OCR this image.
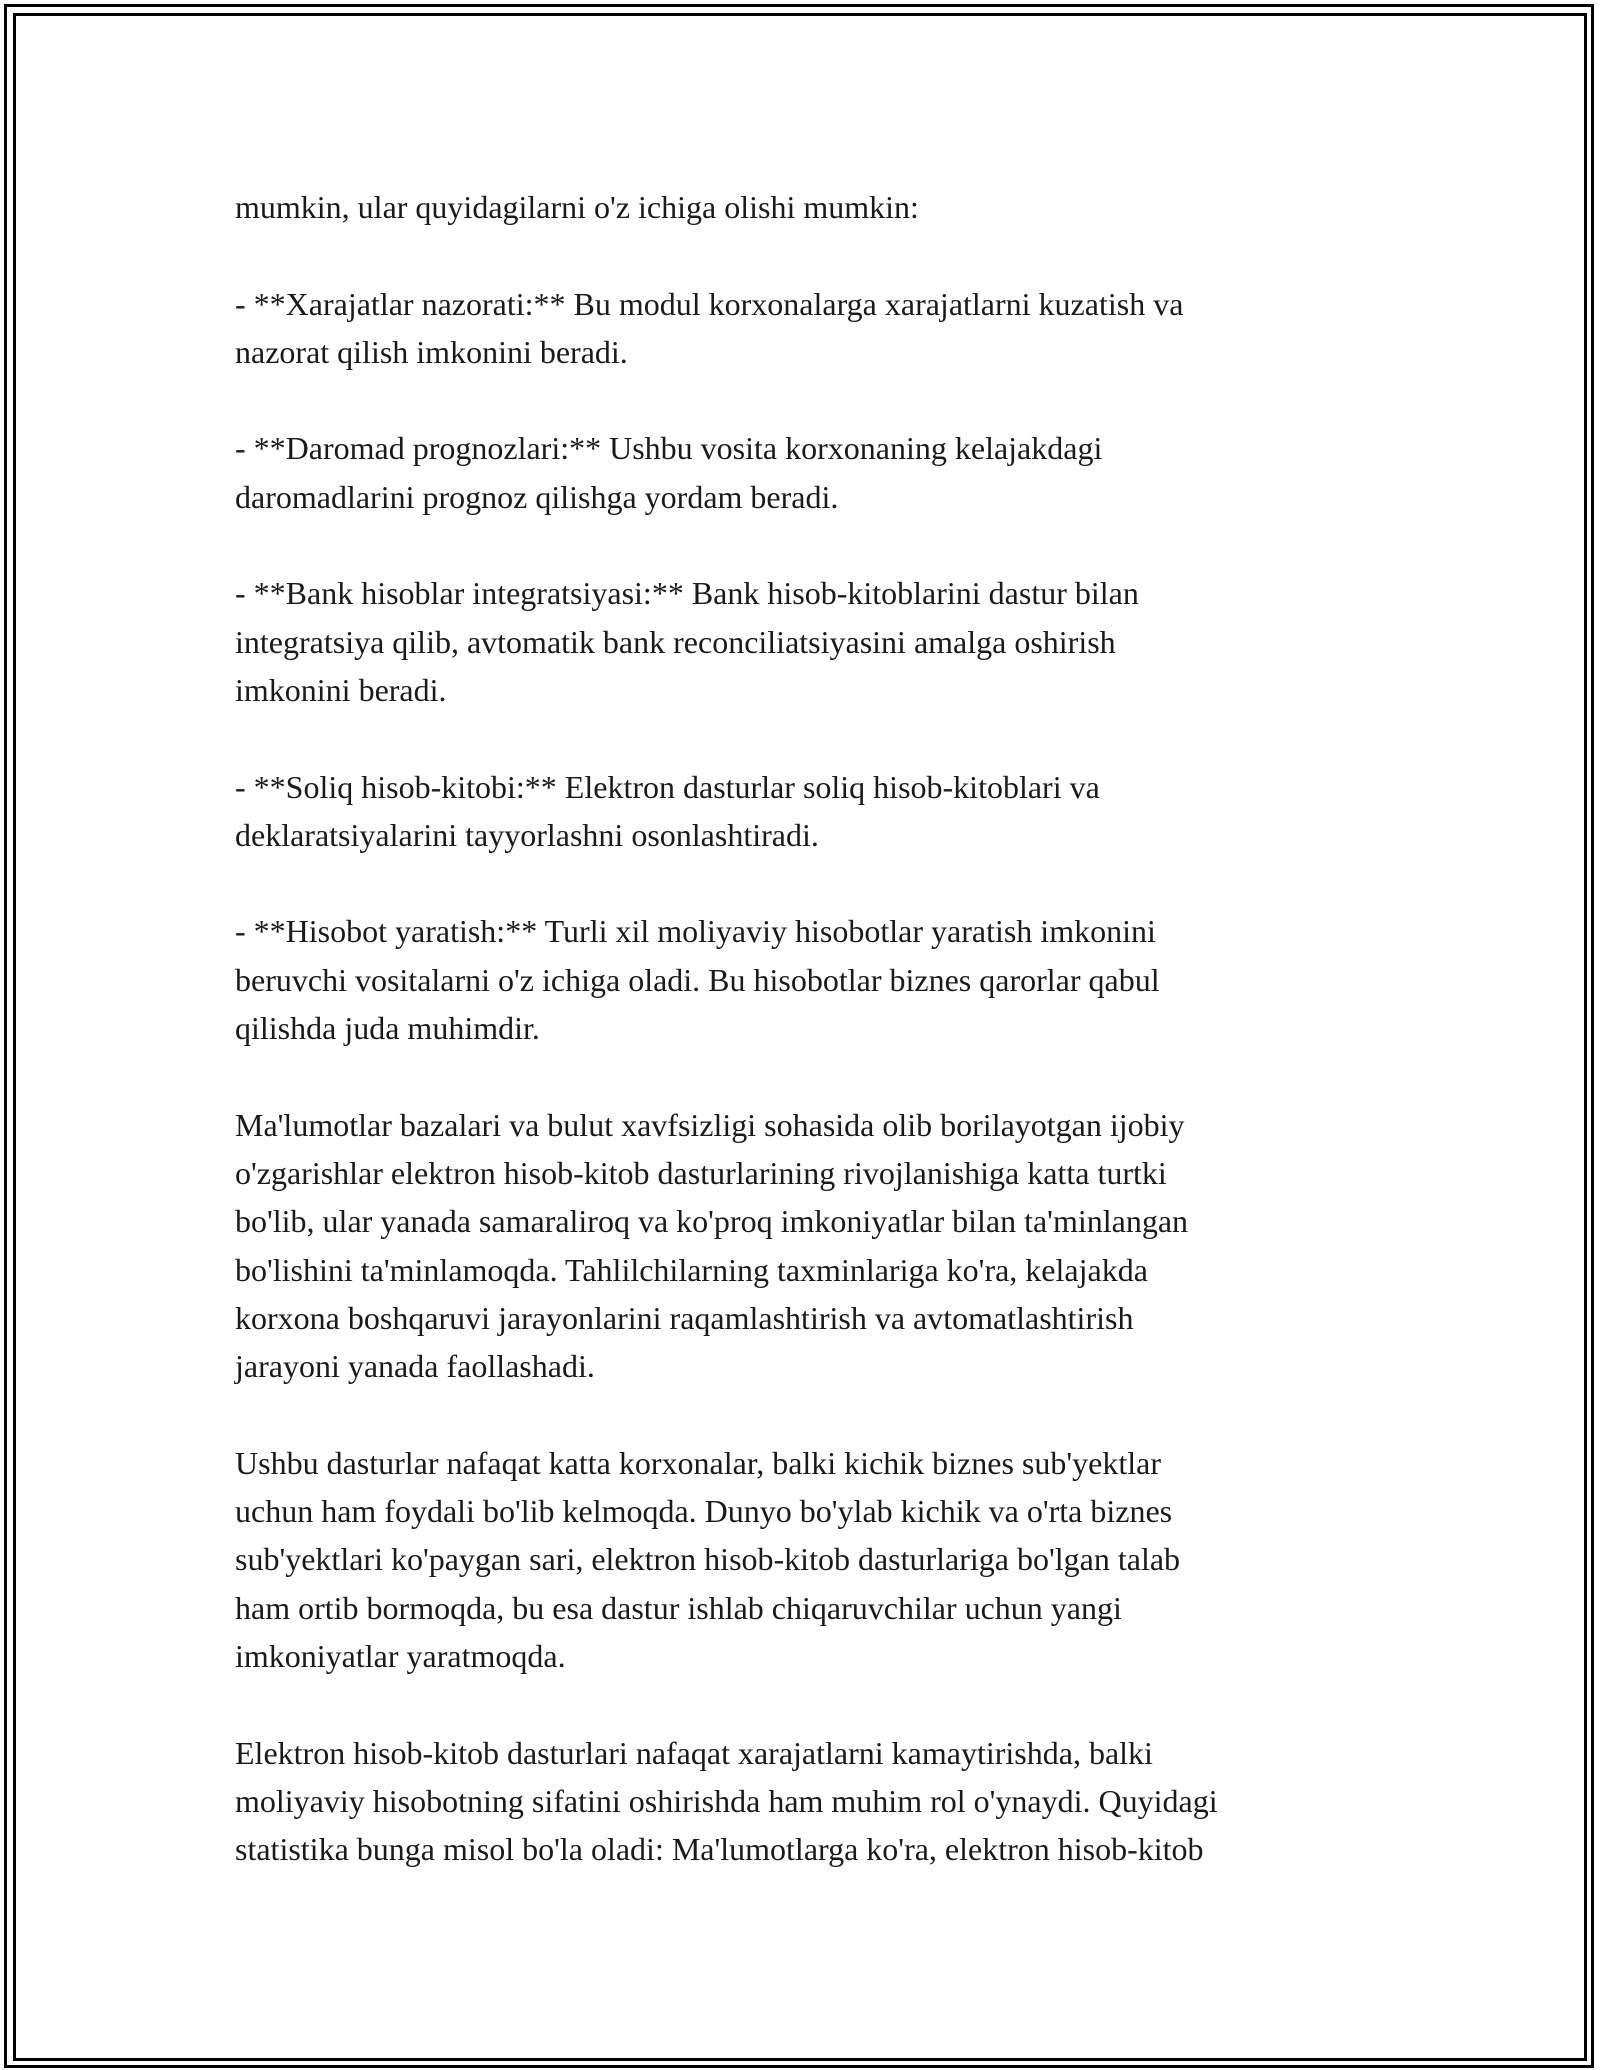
mumkin, ular quyidagilarni o'z ichiga olishi mumkin:

- **Xarajatlar nazorati:** Bu modul korxonalarga xarajatlarni kuzatish va
nazorat qilish imkonini beradi.

- **Daromad prognozlari:** Ushbu vosita korxonaning kelajakdagi
daromadlarini prognoz qilishga yordam beradi.

- **Bank hisoblar integratsiyasi:** Bank hisob-kitoblarini dastur bilan
integratsiya qilib, avtomatik bank reconciliatsiyasini amalga oshirish
imkonini beradi.

- **Soliq hisob-kitobi:** Elektron dasturlar soliq hisob-kitoblari va
deklaratsiyalarini tayyorlashni osonlashtiradi.

- **Hisobot yaratish:** Turli xil moliyaviy hisobotlar yaratish imkonini
beruvchi vositalarni o'z ichiga oladi. Bu hisobotlar biznes qarorlar qabul
qilishda juda muhimdir.

Ma'lumotlar bazalari va bulut xavfsizligi sohasida olib borilayotgan ijobiy
o'zgarishlar elektron hisob-kitob dasturlarining rivojlanishiga katta turtki
bo'lib, ular yanada samaraliroq va ko'proq imkoniyatlar bilan ta'minlangan
bo'lishini ta'minlamoqda. Tahlilchilarning taxminlariga ko'ra, kelajakda
korxona boshqaruvi jarayonlarini raqamlashtirish va avtomatlashtirish
jarayoni yanada faollashadi.

Ushbu dasturlar nafaqat katta korxonalar, balki kichik biznes sub'yektlar
uchun ham foydali bo'lib kelmoqda. Dunyo bo'ylab kichik va o'rta biznes
sub'yektlari ko'paygan sari, elektron hisob-kitob dasturlariga bo'lgan talab
ham ortib bormoqda, bu esa dastur ishlab chiqaruvchilar uchun yangi
imkoniyatlar yaratmoqda.

Elektron hisob-kitob dasturlari nafaqat xarajatlarni kamaytirishda, balki
moliyaviy hisobotning sifatini oshirishda ham muhim rol o'ynaydi. Quyidagi
statistika bunga misol bo'la oladi: Ma'lumotlarga ko'ra, elektron hisob-kitob
